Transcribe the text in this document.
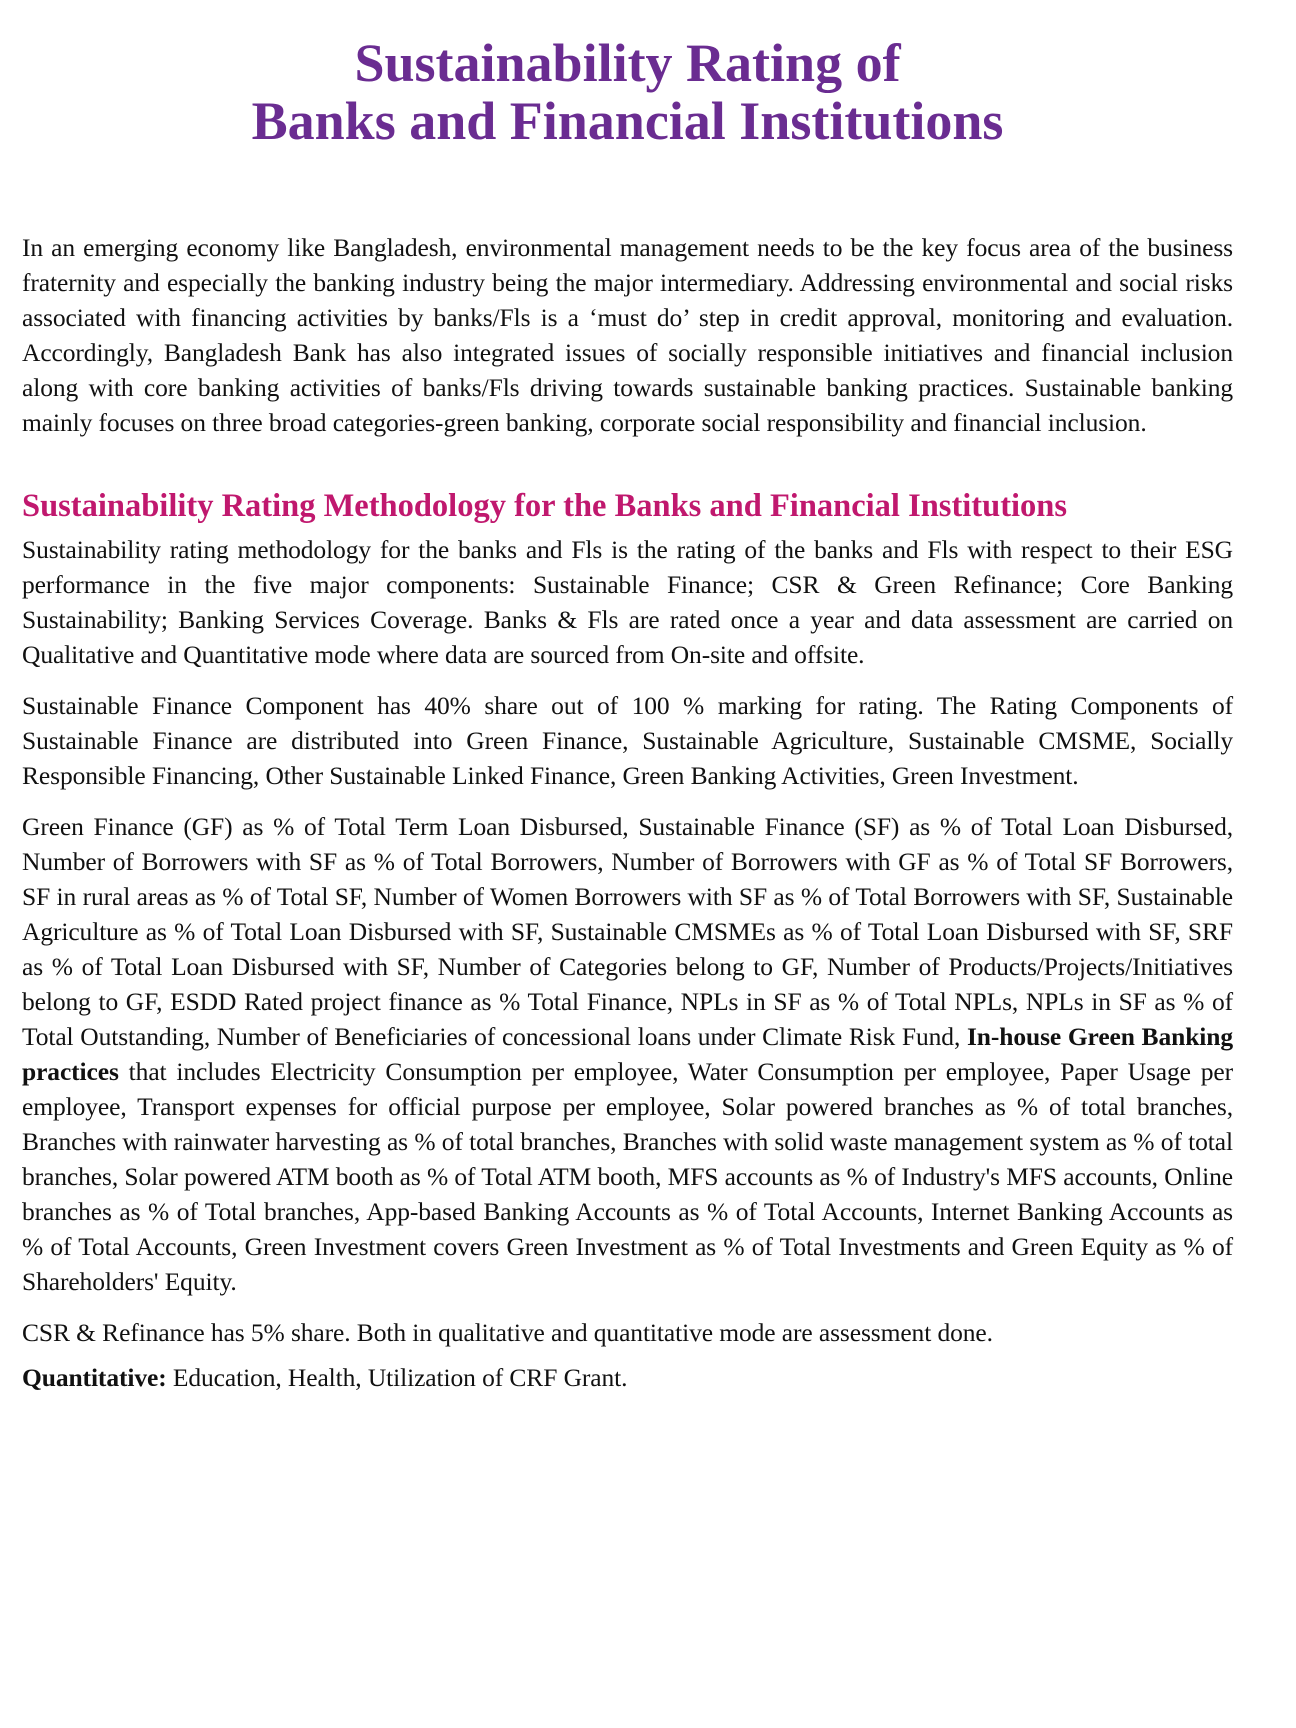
Sustainability Rating of
Banks and Financial Institutions

In an emerging economy like Bangladesh, environmental management needs to be the key focus area of the business fraternity and especially the banking industry being the major intermediary. Addressing environmental and social risks associated with financing activities by banks/Fls is a ‘must do’ step in credit approval, monitoring and evaluation. Accordingly, Bangladesh Bank has also integrated issues of socially responsible initiatives and financial inclusion along with core banking activities of banks/Fls driving towards sustainable banking practices. Sustainable banking mainly focuses on three broad categories-green banking, corporate social responsibility and financial inclusion.

Sustainability Rating Methodology for the Banks and Financial Institutions

Sustainability rating methodology for the banks and Fls is the rating of the banks and Fls with respect to their ESG performance in the five major components: Sustainable Finance; CSR & Green Refinance; Core Banking Sustainability; Banking Services Coverage. Banks & Fls are rated once a year and data assessment are carried on Qualitative and Quantitative mode where data are sourced from On-site and offsite.

Sustainable Finance Component has 40% share out of 100 % marking for rating. The Rating Components of Sustainable Finance are distributed into Green Finance, Sustainable Agriculture, Sustainable CMSME, Socially Responsible Financing, Other Sustainable Linked Finance, Green Banking Activities, Green Investment.

Green Finance (GF) as % of Total Term Loan Disbursed, Sustainable Finance (SF) as % of Total Loan Disbursed, Number of Borrowers with SF as % of Total Borrowers, Number of Borrowers with GF as % of Total SF Borrowers, SF in rural areas as % of Total SF, Number of Women Borrowers with SF as % of Total Borrowers with SF, Sustainable Agriculture as % of Total Loan Disbursed with SF, Sustainable CMSMEs as % of Total Loan Disbursed with SF, SRF as % of Total Loan Disbursed with SF, Number of Categories belong to GF, Number of Products/Projects/Initiatives belong to GF, ESDD Rated project finance as % Total Finance, NPLs in SF as % of Total NPLs, NPLs in SF as % of Total Outstanding, Number of Beneficiaries of concessional loans under Climate Risk Fund, In-house Green Banking practices that includes Electricity Consumption per employee, Water Consumption per employee, Paper Usage per employee, Transport expenses for official purpose per employee, Solar powered branches as % of total branches, Branches with rainwater harvesting as % of total branches, Branches with solid waste management system as % of total branches, Solar powered ATM booth as % of Total ATM booth, MFS accounts as % of Industry's MFS accounts, Online branches as % of Total branches, App-based Banking Accounts as % of Total Accounts, Internet Banking Accounts as % of Total Accounts, Green Investment covers Green Investment as % of Total Investments and Green Equity as % of Shareholders' Equity.

CSR & Refinance has 5% share. Both in qualitative and quantitative mode are assessment done.

Quantitative: Education, Health, Utilization of CRF Grant.
